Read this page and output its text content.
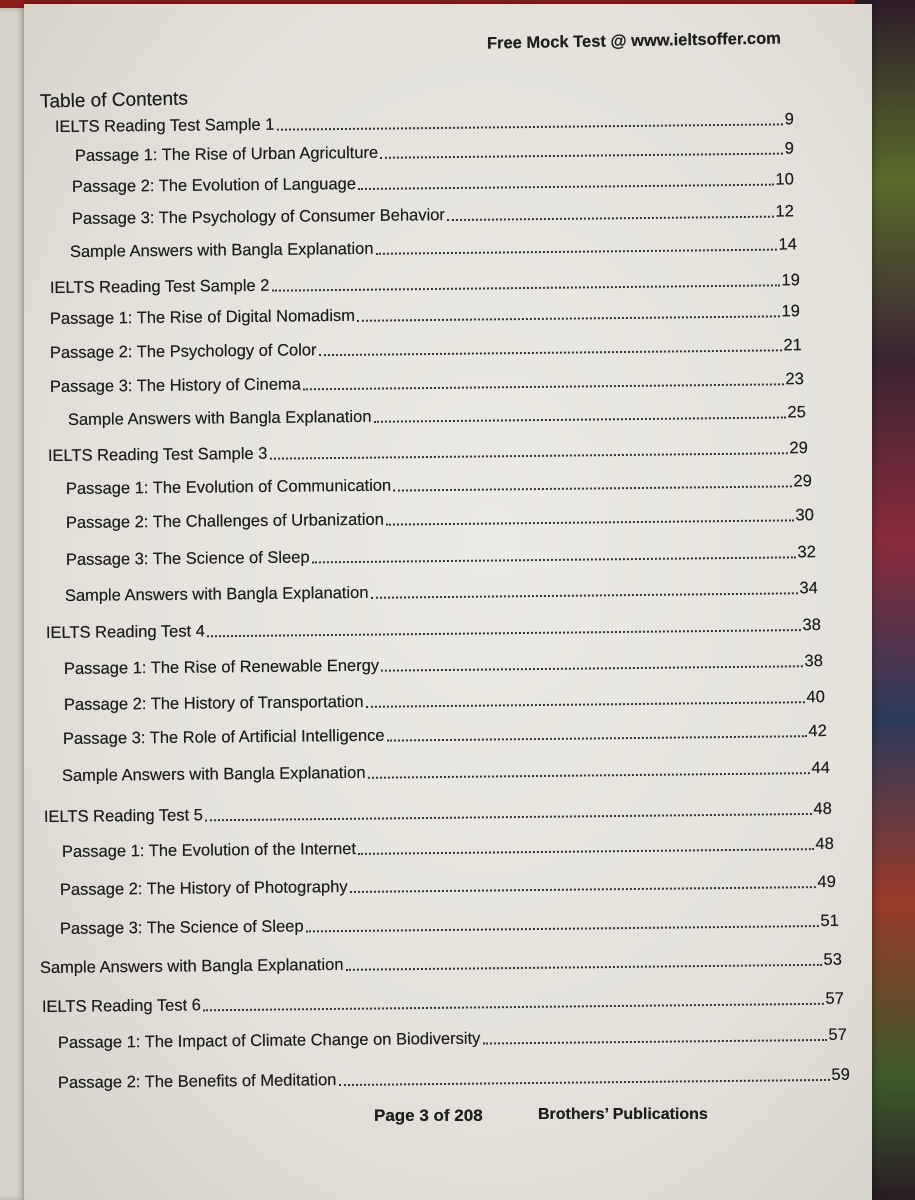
Free Mock Test @ www.ieltsoffer.com
Table of Contents
IELTS Reading Test Sample 1	9
Passage 1: The Rise of Urban Agriculture	9
Passage 2: The Evolution of Language	10
Passage 3: The Psychology of Consumer Behavior	12
Sample Answers with Bangla Explanation	14
IELTS Reading Test Sample 2	19
Passage 1: The Rise of Digital Nomadism	19
Passage 2: The Psychology of Color	21
Passage 3: The History of Cinema	23
Sample Answers with Bangla Explanation	25
IELTS Reading Test Sample 3	29
Passage 1: The Evolution of Communication	29
Passage 2: The Challenges of Urbanization	30
Passage 3: The Science of Sleep	32
Sample Answers with Bangla Explanation	34
IELTS Reading Test 4	38
Passage 1: The Rise of Renewable Energy	38
Passage 2: The History of Transportation	40
Passage 3: The Role of Artificial Intelligence	42
Sample Answers with Bangla Explanation	44
IELTS Reading Test 5	48
Passage 1: The Evolution of the Internet	48
Passage 2: The History of Photography	49
Passage 3: The Science of Sleep	51
Sample Answers with Bangla Explanation	53
IELTS Reading Test 6	57
Passage 1: The Impact of Climate Change on Biodiversity	57
Passage 2: The Benefits of Meditation	59
Page 3 of 208	Brothers’ Publications
